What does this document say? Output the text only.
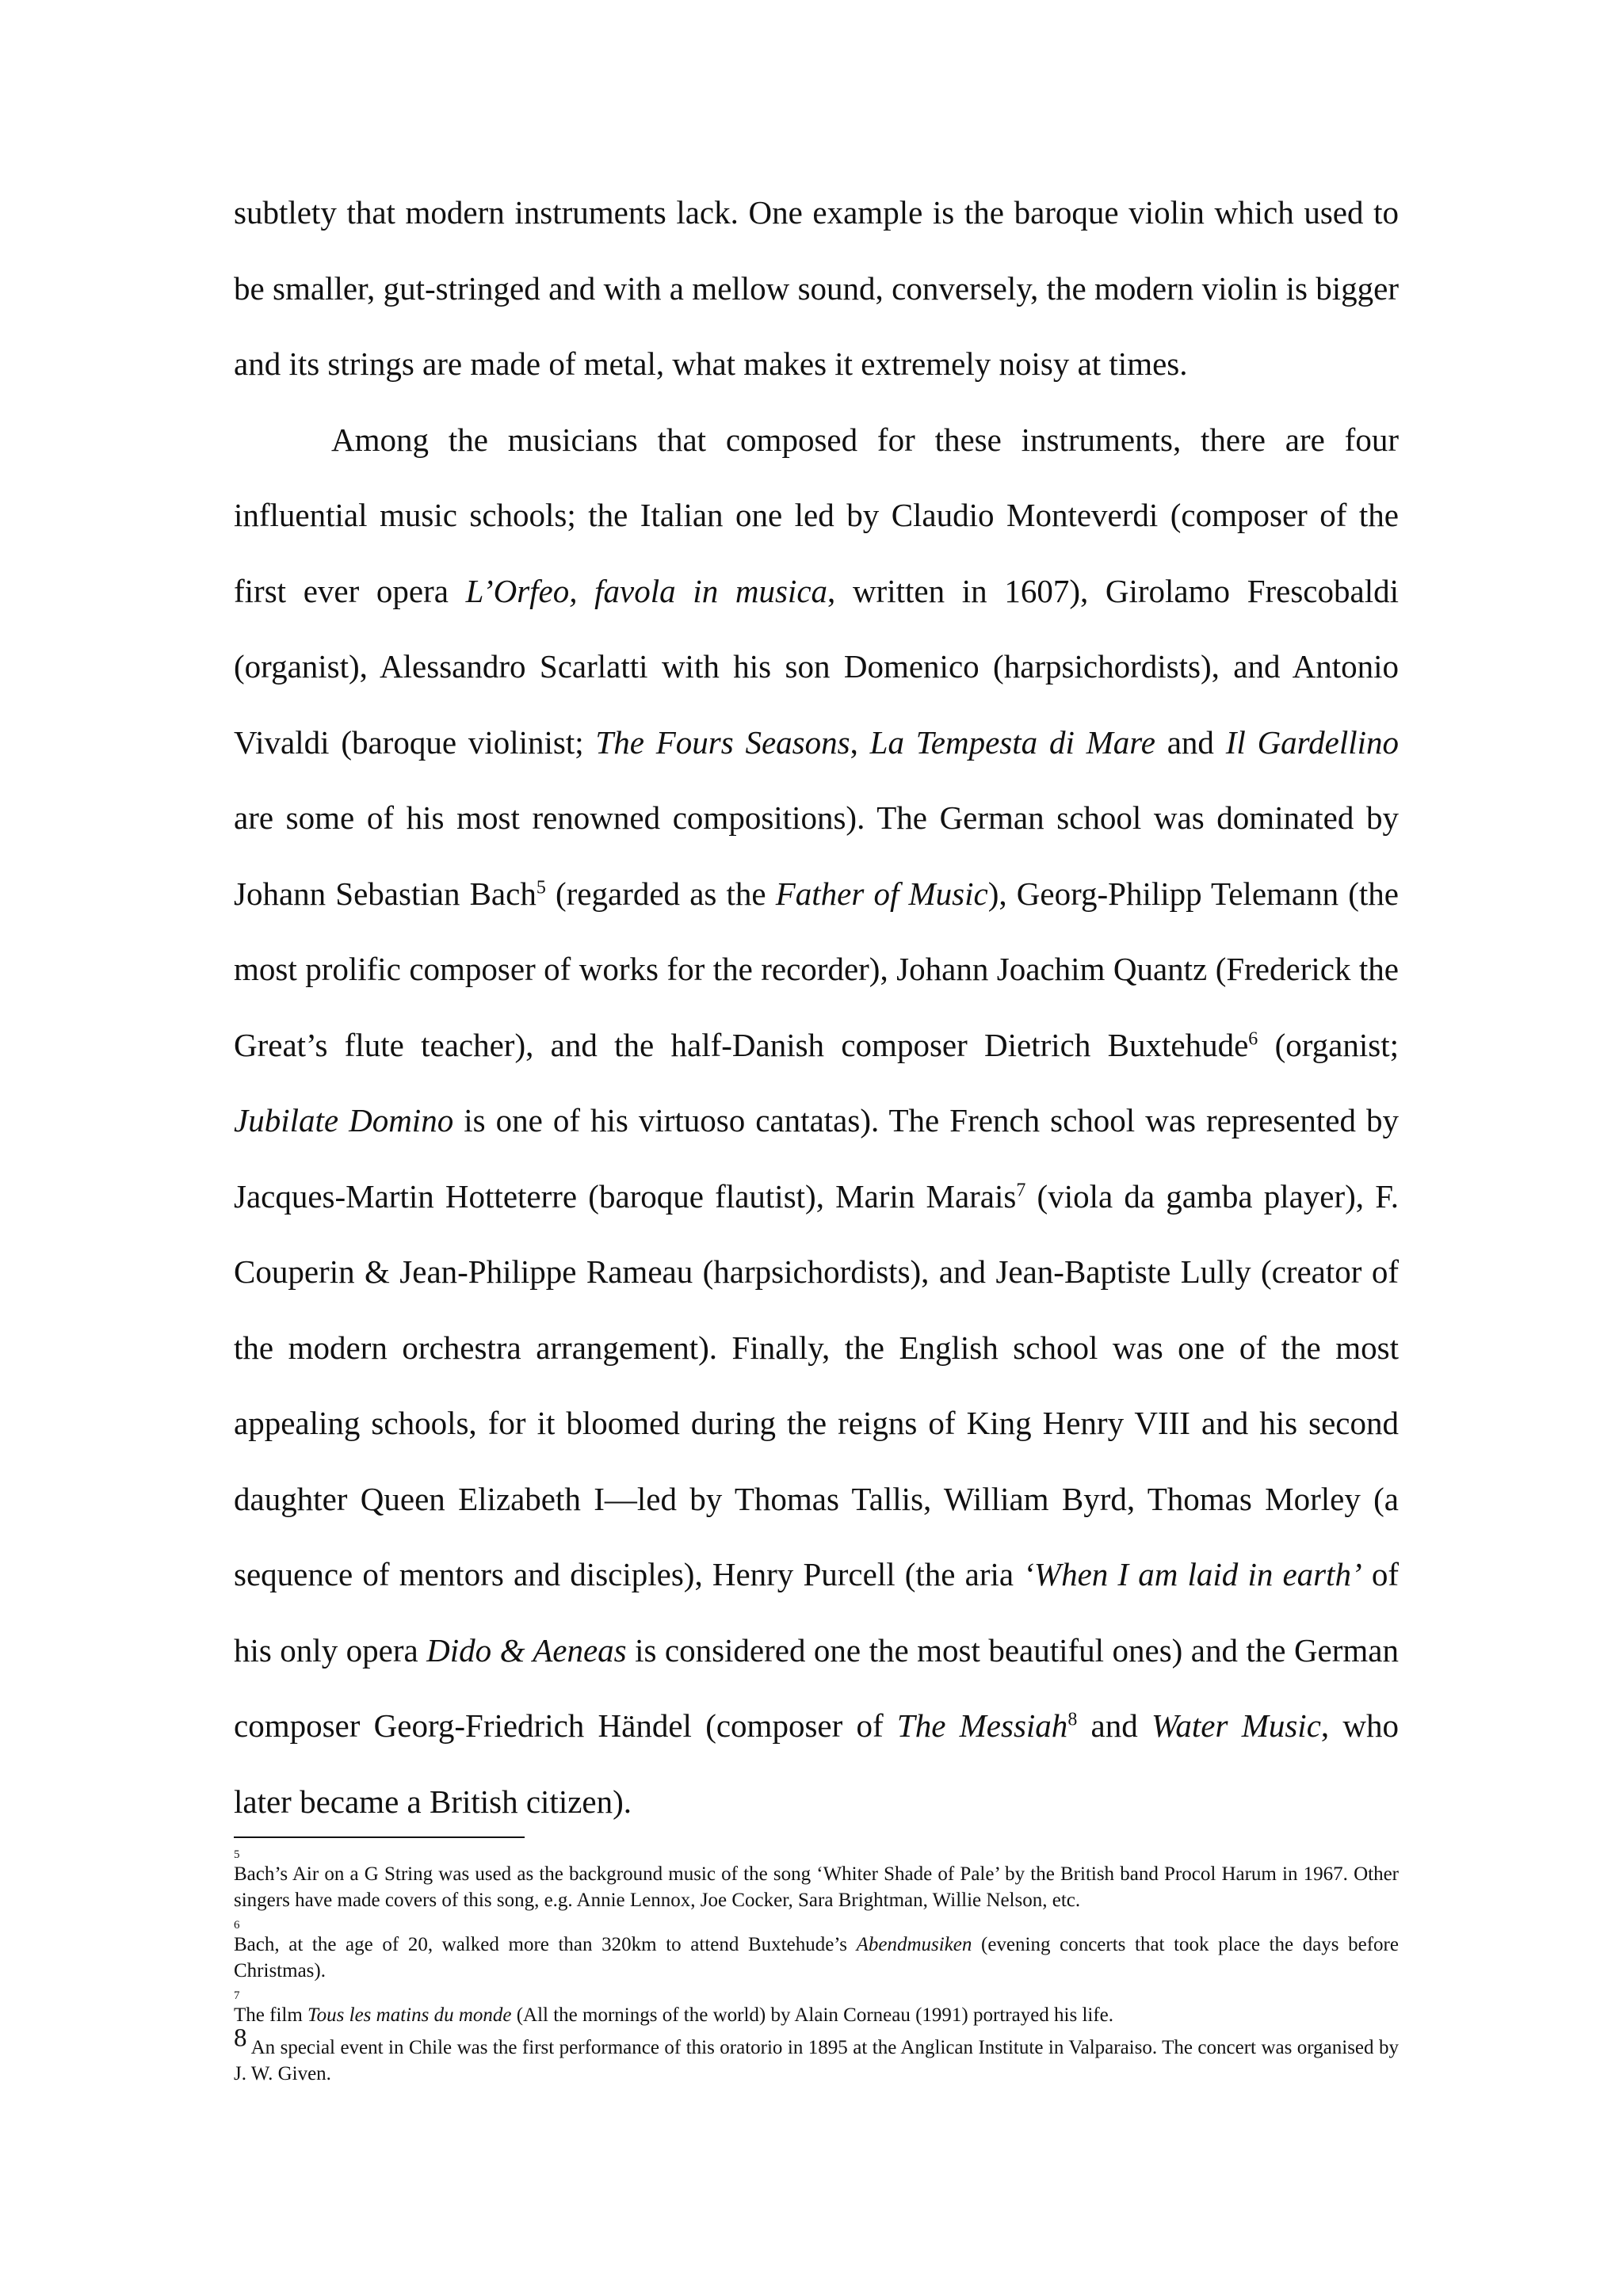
subtlety that modern instruments lack. One example is the baroque violin which used to be smaller, gut-stringed and with a mellow sound, conversely, the modern violin is bigger and its strings are made of metal, what makes it extremely noisy at times.

Among the musicians that composed for these instruments, there are four influential music schools; the Italian one led by Claudio Monteverdi (composer of the first ever opera L’Orfeo, favola in musica, written in 1607), Girolamo Frescobaldi (organist), Alessandro Scarlatti with his son Domenico (harpsichordists), and Antonio Vivaldi (baroque violinist; The Fours Seasons, La Tempesta di Mare and Il Gardellino are some of his most renowned compositions). The German school was dominated by Johann Sebastian Bach$^5$ (regarded as the Father of Music), Georg-Philipp Telemann (the most prolific composer of works for the recorder), Johann Joachim Quantz (Frederick the Great’s flute teacher), and the half-Danish composer Dietrich Buxtehude$^6$ (organist; Jubilate Domino is one of his virtuoso cantatas). The French school was represented by Jacques-Martin Hotteterre (baroque flautist), Marin Marais$^7$ (viola da gamba player), F. Couperin & Jean-Philippe Rameau (harpsichordists), and Jean-Baptiste Lully (creator of the modern orchestra arrangement). Finally, the English school was one of the most appealing schools, for it bloomed during the reigns of King Henry VIII and his second daughter Queen Elizabeth I—led by Thomas Tallis, William Byrd, Thomas Morley (a sequence of mentors and disciples), Henry Purcell (the aria ‘When I am laid in earth’ of his only opera Dido & Aeneas is considered one the most beautiful ones) and the German composer Georg-Friedrich Händel (composer of The Messiah$^8$ and Water Music, who later became a British citizen).

5
Bach’s Air on a G String was used as the background music of the song ‘Whiter Shade of Pale’ by the British band Procol Harum in 1967. Other singers have made covers of this song, e.g. Annie Lennox, Joe Cocker, Sara Brightman, Willie Nelson, etc.
6
Bach, at the age of 20, walked more than 320km to attend Buxtehude’s Abendmusiken (evening concerts that took place the days before Christmas).
7
The film Tous les matins du monde (All the mornings of the world) by Alain Corneau (1991) portrayed his life.
8 An special event in Chile was the first performance of this oratorio in 1895 at the Anglican Institute in Valparaiso. The concert was organised by J. W. Given.
